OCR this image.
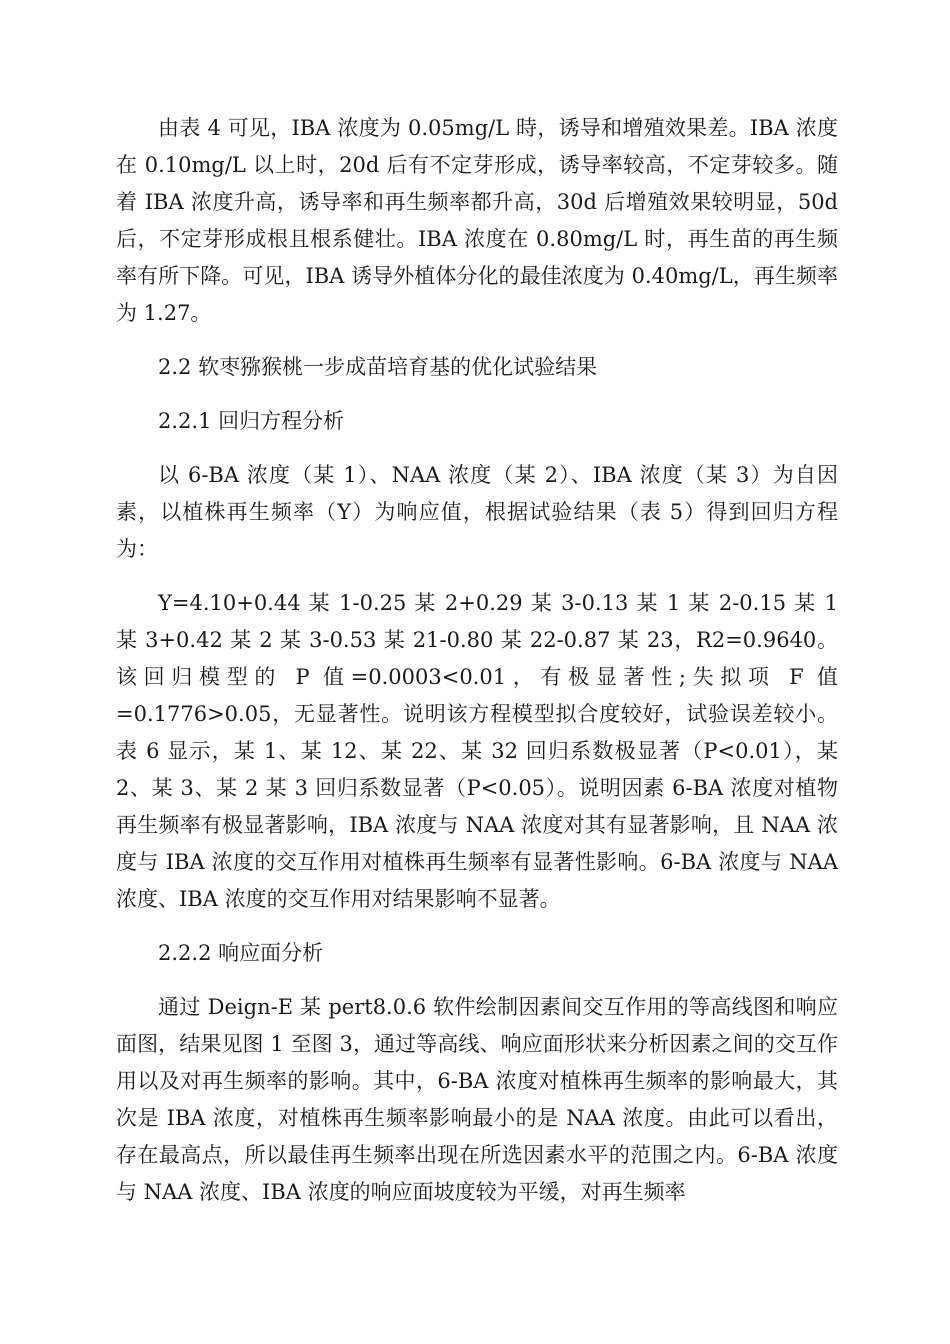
由表 4 可见，IBA 浓度为 0.05mg/L 時，诱导和增殖效果差。IBA 浓度在 0.10mg/L 以上时，20d 后有不定芽形成，诱导率较高，不定芽较多。随着 IBA 浓度升高，诱导率和再生频率都升高，30d 后增殖效果较明显，50d 后，不定芽形成根且根系健壮。IBA 浓度在 0.80mg/L 时，再生苗的再生频率有所下降。可见，IBA 诱导外植体分化的最佳浓度为 0.40mg/L，再生频率为 1.27。

2.2 软枣猕猴桃一步成苗培育基的优化试验结果

2.2.1 回归方程分析

以 6-BA 浓度（某 1）、NAA 浓度（某 2）、IBA 浓度（某 3）为自因素，以植株再生频率（Y）为响应值，根据试验结果（表 5）得到回归方程为：

Y=4.10+0.44 某 1-0.25 某 2+0.29 某 3-0.13 某 1 某 2-0.15 某 1 某 3+0.42 某 2 某 3-0.53 某 21-0.80 某 22-0.87 某 23，R2=0.9640。该回归模型的 P 值=0.0003<0.01，有极显著性;失拟项 F 值=0.1776>0.05，无显著性。说明该方程模型拟合度较好，试验误差较小。表 6 显示，某 1、某 12、某 22、某 32 回归系数极显著（P<0.01），某 2、某 3、某 2 某 3 回归系数显著（P<0.05）。说明因素 6-BA 浓度对植物再生频率有极显著影响，IBA 浓度与 NAA 浓度对其有显著影响，且 NAA 浓度与 IBA 浓度的交互作用对植株再生频率有显著性影响。6-BA 浓度与 NAA 浓度、IBA 浓度的交互作用对结果影响不显著。

2.2.2 响应面分析

通过 Deign-E 某 pert8.0.6 软件绘制因素间交互作用的等高线图和响应面图，结果见图 1 至图 3，通过等高线、响应面形状来分析因素之间的交互作用以及对再生频率的影响。其中，6-BA 浓度对植株再生频率的影响最大，其次是 IBA 浓度，对植株再生频率影响最小的是 NAA 浓度。由此可以看出，存在最高点，所以最佳再生频率出现在所选因素水平的范围之内。6-BA 浓度与 NAA 浓度、IBA 浓度的响应面坡度较为平缓，对再生频率
